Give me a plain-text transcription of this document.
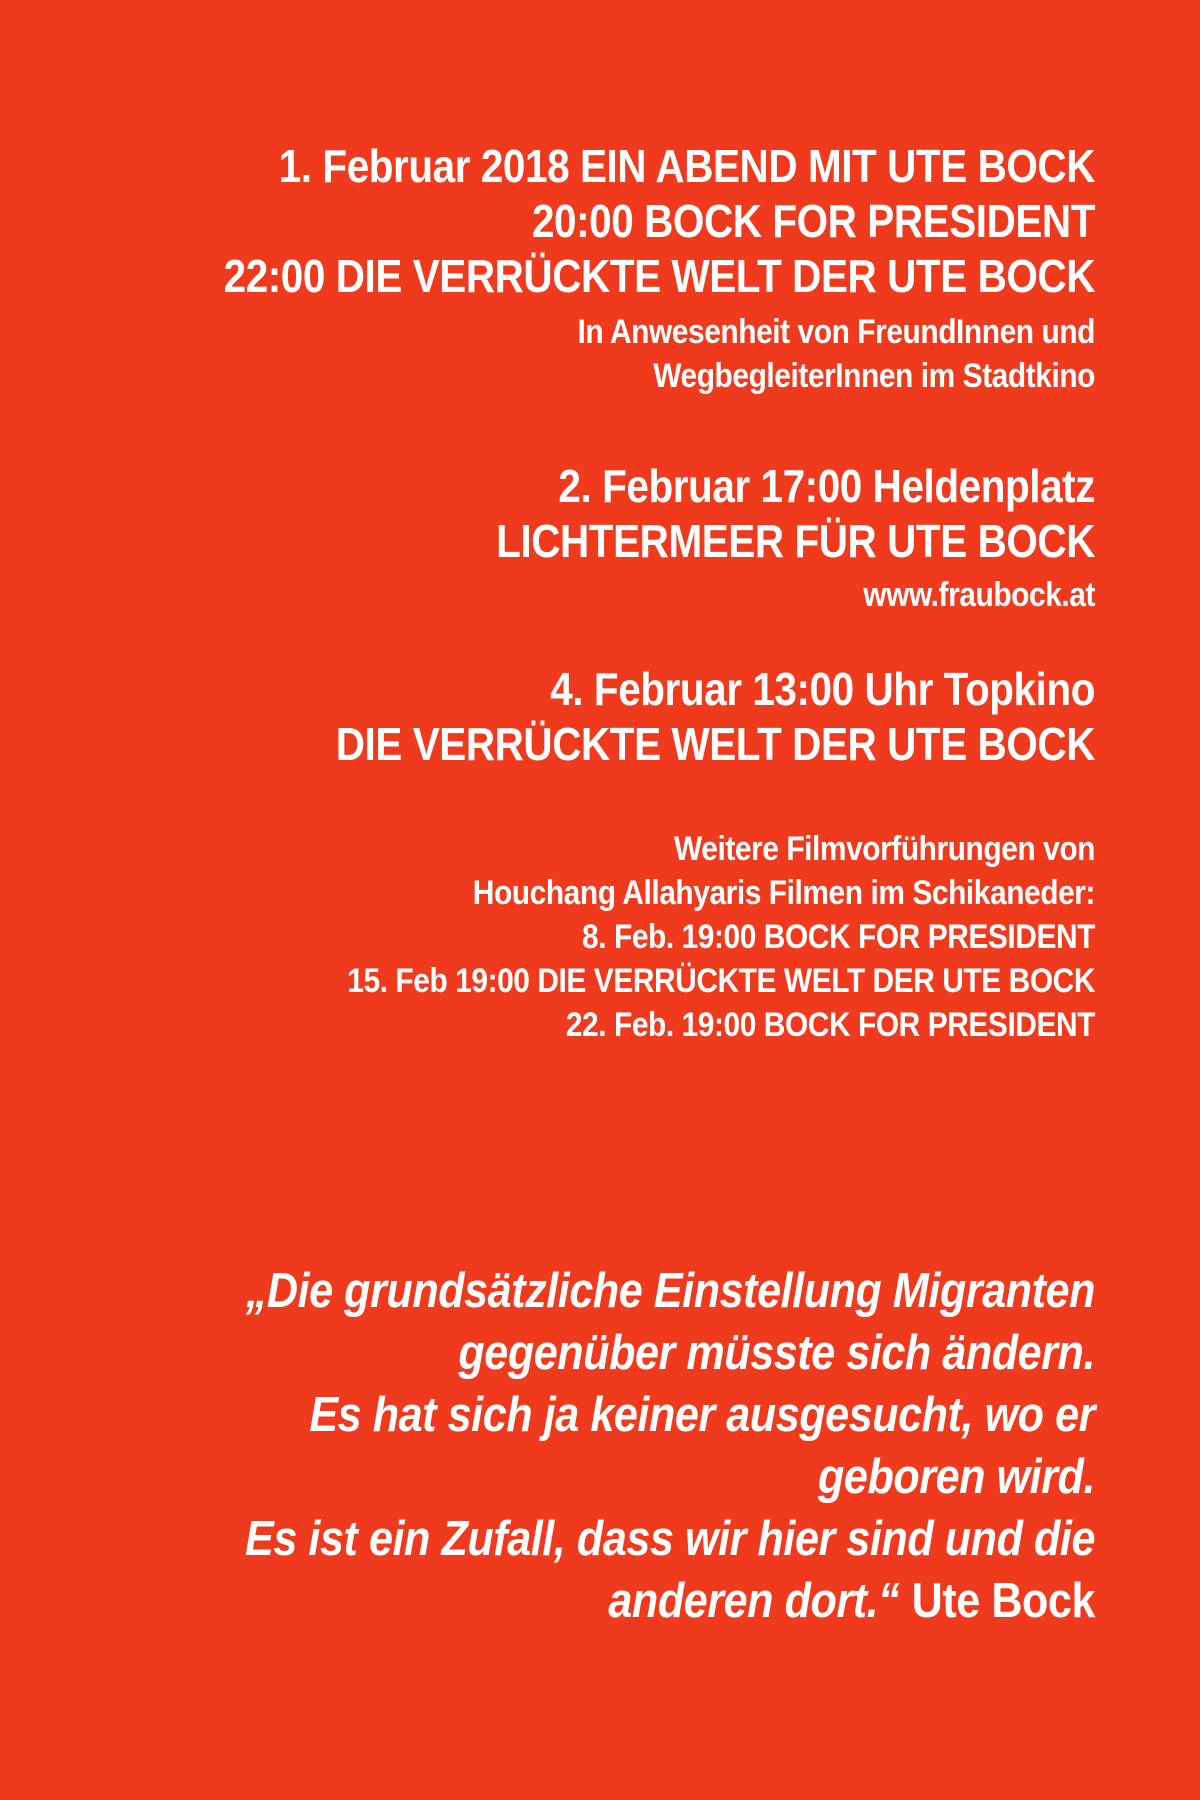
1. Februar 2018 EIN ABEND MIT UTE BOCK
20:00 BOCK FOR PRESIDENT
22:00 DIE VERRÜCKTE WELT DER UTE BOCK
In Anwesenheit von FreundInnen und
WegbegleiterInnen im Stadtkino
2. Februar 17:00 Heldenplatz
LICHTERMEER FÜR UTE BOCK
www.fraubock.at
4. Februar 13:00 Uhr Topkino
DIE VERRÜCKTE WELT DER UTE BOCK
Weitere Filmvorführungen von
Houchang Allahyaris Filmen im Schikaneder:
8. Feb. 19:00 BOCK FOR PRESIDENT
15. Feb 19:00 DIE VERRÜCKTE WELT DER UTE BOCK
22. Feb. 19:00 BOCK FOR PRESIDENT
„Die grundsätzliche Einstellung Migranten
gegenüber müsste sich ändern.
Es hat sich ja keiner ausgesucht, wo er
geboren wird.
Es ist ein Zufall, dass wir hier sind und die
anderen dort.“ Ute Bock
